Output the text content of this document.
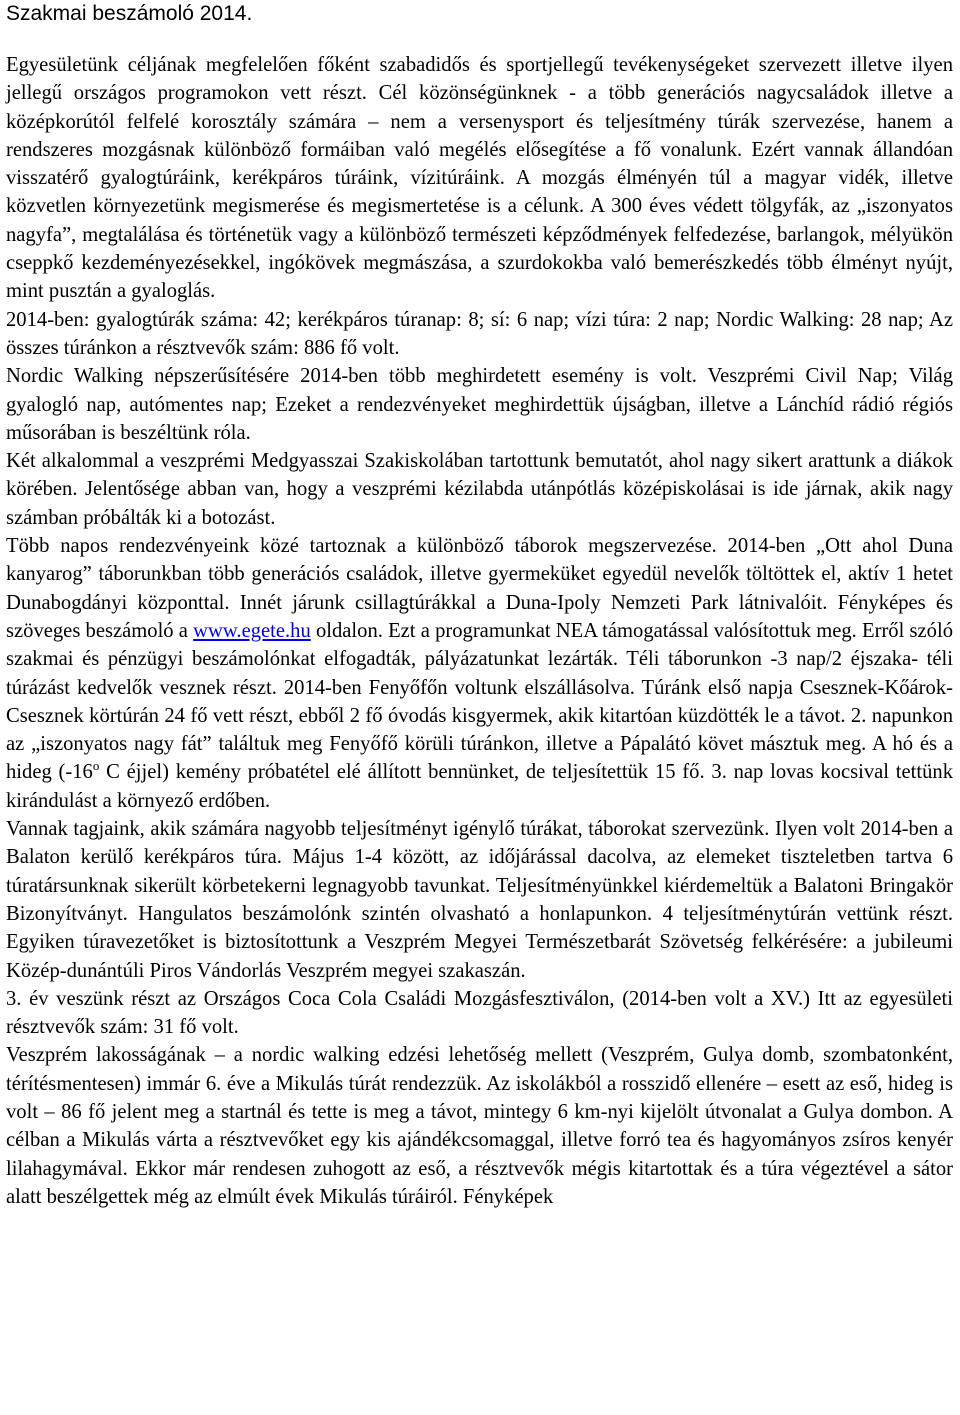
Szakmai beszámoló 2014.

Egyesületünk céljának megfelelően főként szabadidős és sportjellegű tevékenységeket szervezett illetve ilyen jellegű országos programokon vett részt. Cél közönségünknek - a több generációs nagycsaládok illetve a középkorútól felfelé korosztály számára – nem a versenysport és teljesítmény túrák szervezése, hanem a rendszeres mozgásnak különböző formáiban való megélés elősegítése a fő vonalunk. Ezért vannak állandóan visszatérő gyalogtúráink, kerékpáros túráink, vízitúráink. A mozgás élményén túl a magyar vidék, illetve közvetlen környezetünk megismerése és megismertetése is a célunk. A 300 éves védett tölgyfák, az „iszonyatos nagyfa”, megtalálása és történetük vagy a különböző természeti képződmények felfedezése, barlangok, mélyükön cseppkő kezdeményezésekkel, ingókövek megmászása, a szurdokokba való bemerészkedés több élményt nyújt, mint pusztán a gyaloglás.

2014-ben: gyalogtúrák száma: 42; kerékpáros túranap: 8; sí: 6 nap; vízi túra: 2 nap; Nordic Walking: 28 nap; Az összes túránkon a résztvevők szám: 886 fő volt.

Nordic Walking népszerűsítésére 2014-ben több meghirdetett esemény is volt. Veszprémi Civil Nap; Világ gyalogló nap, autómentes nap; Ezeket a rendezvényeket meghirdettük újságban, illetve a Lánchíd rádió régiós műsorában is beszéltünk róla.

Két alkalommal a veszprémi Medgyasszai Szakiskolában tartottunk bemutatót, ahol nagy sikert arattunk a diákok körében. Jelentősége abban van, hogy a veszprémi kézilabda utánpótlás középiskolásai is ide járnak, akik nagy számban próbálták ki a botozást.

Több napos rendezvényeink közé tartoznak a különböző táborok megszervezése. 2014-ben „Ott ahol Duna kanyarog” táborunkban több generációs családok, illetve gyermeküket egyedül nevelők töltöttek el, aktív 1 hetet Dunabogdányi központtal. Innét járunk csillagtúrákkal a Duna-Ipoly Nemzeti Park látnivalóit. Fényképes és szöveges beszámoló a www.egete.hu oldalon. Ezt a programunkat NEA támogatással valósítottuk meg. Erről szóló szakmai és pénzügyi beszámolónkat elfogadták, pályázatunkat lezárták. Téli táborunkon -3 nap/2 éjszaka- téli túrázást kedvelők vesznek részt. 2014-ben Fenyőfőn voltunk elszállásolva. Túránk első napja Csesznek-Kőárok-Csesznek körtúrán 24 fő vett részt, ebből 2 fő óvodás kisgyermek, akik kitartóan küzdötték le a távot. 2. napunkon az „iszonyatos nagy fát” találtuk meg Fenyőfő körüli túránkon, illetve a Pápalátó követ másztuk meg. A hó és a hideg (-16$^o$ C éjjel) kemény próbatétel elé állított bennünket, de teljesítettük 15 fő. 3. nap lovas kocsival tettünk kirándulást a környező erdőben.

Vannak tagjaink, akik számára nagyobb teljesítményt igénylő túrákat, táborokat szervezünk. Ilyen volt 2014-ben a Balaton kerülő kerékpáros túra. Május 1-4 között, az időjárással dacolva, az elemeket tiszteletben tartva 6 túratársunknak sikerült körbetekerni legnagyobb tavunkat. Teljesítményünkkel kiérdemeltük a Balatoni Bringakör Bizonyítványt. Hangulatos beszámolónk szintén olvasható a honlapunkon. 4 teljesítménytúrán vettünk részt. Egyiken túravezetőket is biztosítottunk a Veszprém Megyei Természetbarát Szövetség felkérésére: a jubileumi Közép-dunántúli Piros Vándorlás Veszprém megyei szakaszán.

3. év veszünk részt az Országos Coca Cola Családi Mozgásfesztiválon, (2014-ben volt a XV.) Itt az egyesületi résztvevők szám: 31 fő volt.

Veszprém lakosságának – a nordic walking edzési lehetőség mellett (Veszprém, Gulya domb, szombatonként, térítésmentesen) immár 6. éve a Mikulás túrát rendezzük. Az iskolákból a rosszidő ellenére – esett az eső, hideg is volt – 86 fő jelent meg a startnál és tette is meg a távot, mintegy 6 km-nyi kijelölt útvonalat a Gulya dombon. A célban a Mikulás várta a résztvevőket egy kis ajándékcsomaggal, illetve forró tea és hagyományos zsíros kenyér lilahagymával. Ekkor már rendesen zuhogott az eső, a résztvevők mégis kitartottak és a túra végeztével a sátor alatt beszélgettek még az elmúlt évek Mikulás túráiról. Fényképek
